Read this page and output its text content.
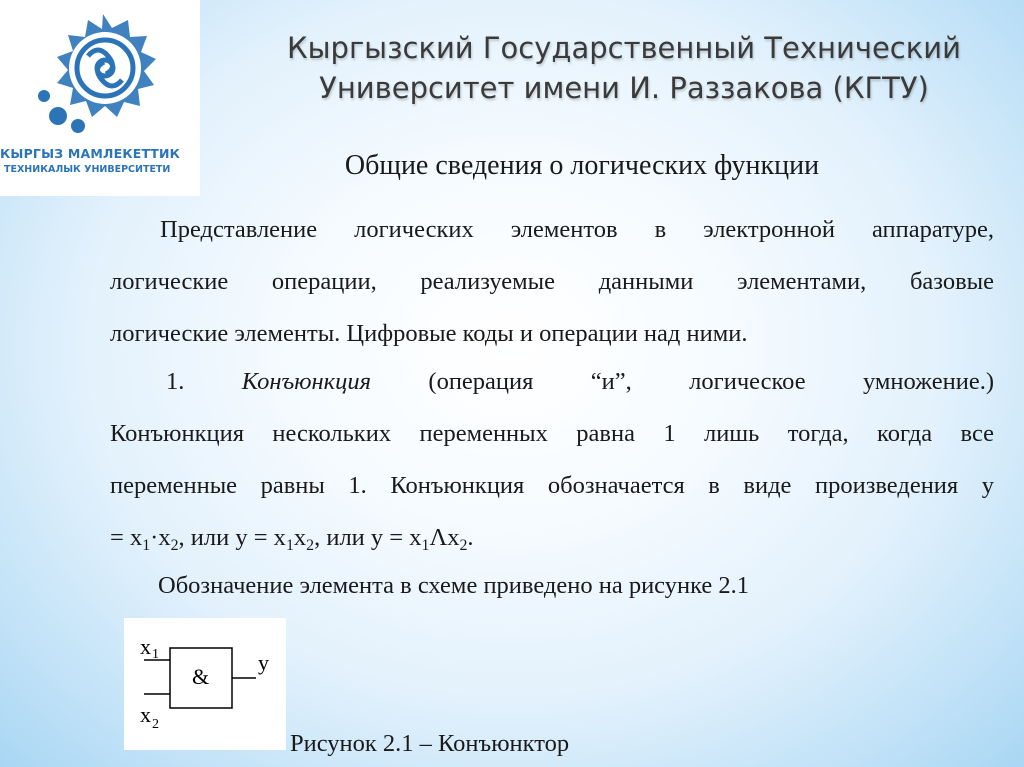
КЫРГЫЗ МАМЛЕКЕТТИК
ТЕХНИКАЛЫК УНИВЕРСИТЕТИ
Кыргызский Государственный Технический
Университет имени И. Раззакова (КГТУ)
Общие сведения о логических функции
Представление логических элементов в электронной аппаратуре,
логические операции, реализуемые данными элементами, базовые
логические элементы. Цифровые коды и операции над ними.
1. Конъюнкция (операция “и”, логическое умножение.)
Конъюнкция нескольких переменных равна 1 лишь тогда, когда все
переменные равны 1. Конъюнкция обозначается в виде произведения у
= $x_1\cdot x_2$, или $у = x_1x_2$, или $у = x_1\Lambda x_2$.
Обозначение элемента в схеме приведено на рисунке 2.1
&
x 1
x 2
y
Рисунок 2.1 – Конъюнктор
